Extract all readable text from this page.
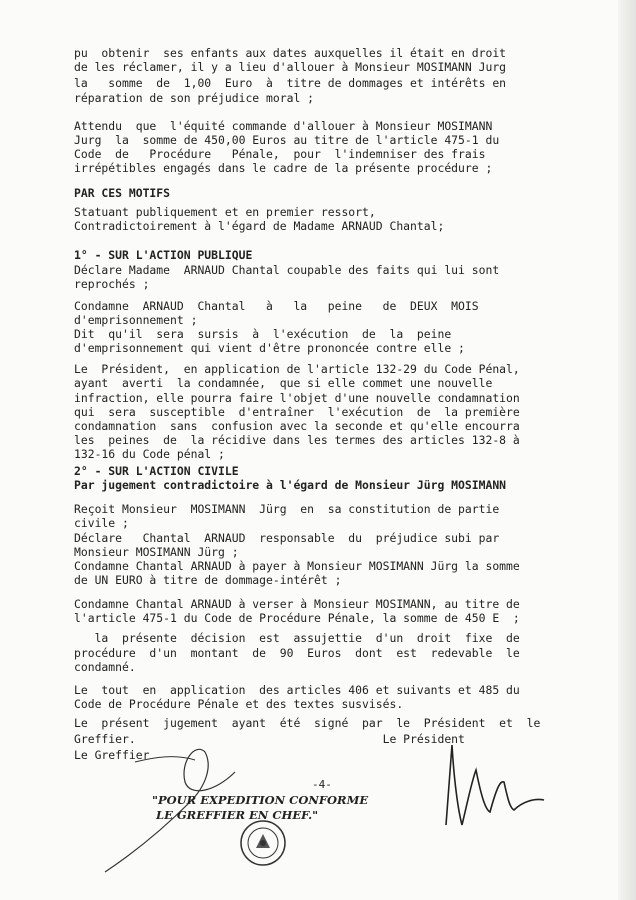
pu  obtenir  ses enfants aux dates auxquelles il était en droit
de les réclamer, il y a lieu d'allouer à Monsieur MOSIMANN Jurg
la   somme  de  1,00  Euro  à  titre de dommages et intérêts en
réparation de son préjudice moral ;
Attendu  que  l'équité commande d'allouer à Monsieur MOSIMANN
Jurg  la  somme de 450,00 Euros au titre de l'article 475-1 du
Code  de   Procédure   Pénale,  pour  l'indemniser des frais
irrépétibles engagés dans le cadre de la présente procédure ;
PAR CES MOTIFS
Statuant publiquement et en premier ressort,
Contradictoirement à l'égard de Madame ARNAUD Chantal;
1° - SUR L'ACTION PUBLIQUE
Déclare Madame  ARNAUD Chantal coupable des faits qui lui sont
reprochés ;
Condamne  ARNAUD  Chantal   à   la   peine   de  DEUX  MOIS
d'emprisonnement ;
Dit  qu'il  sera  sursis  à  l'exécution  de  la  peine
d'emprisonnement qui vient d'être prononcée contre elle ;
Le  Président,  en application de l'article 132-29 du Code Pénal,
ayant  averti  la condamnée,  que si elle commet une nouvelle
infraction, elle pourra faire l'objet d'une nouvelle condamnation
qui  sera  susceptible  d'entraîner  l'exécution  de  la première
condamnation  sans  confusion avec la seconde et qu'elle encourra
les  peines  de  la récidive dans les termes des articles 132-8 à
132-16 du Code pénal ;
2° - SUR L'ACTION CIVILE
Par jugement contradictoire à l'égard de Monsieur Jürg MOSIMANN
Reçoit Monsieur  MOSIMANN  Jürg  en  sa constitution de partie
civile ;
Déclare   Chantal  ARNAUD  responsable  du  préjudice subi par
Monsieur MOSIMANN Jürg ;
Condamne Chantal ARNAUD à payer à Monsieur MOSIMANN Jürg la somme
de UN EURO à titre de dommage-intérêt ;
Condamne Chantal ARNAUD à verser à Monsieur MOSIMANN, au titre de
l'article 475-1 du Code de Procédure Pénale, la somme de 450 E  ;
la  présente  décision  est  assujettie  d'un  droit  fixe  de
procédure  d'un  montant  de  90  Euros  dont  est  redevable  le
condamné.
Le  tout  en  application  des articles 406 et suivants et 485 du
Code de Procédure Pénale et des textes susvisés.
Le  présent  jugement  ayant  été  signé  par  le  Président  et  le
Greffier.                                    Le Président
Le Greffier
-4-
"POUR EXPEDITION CONFORME
LE GREFFIER EN CHEF."
